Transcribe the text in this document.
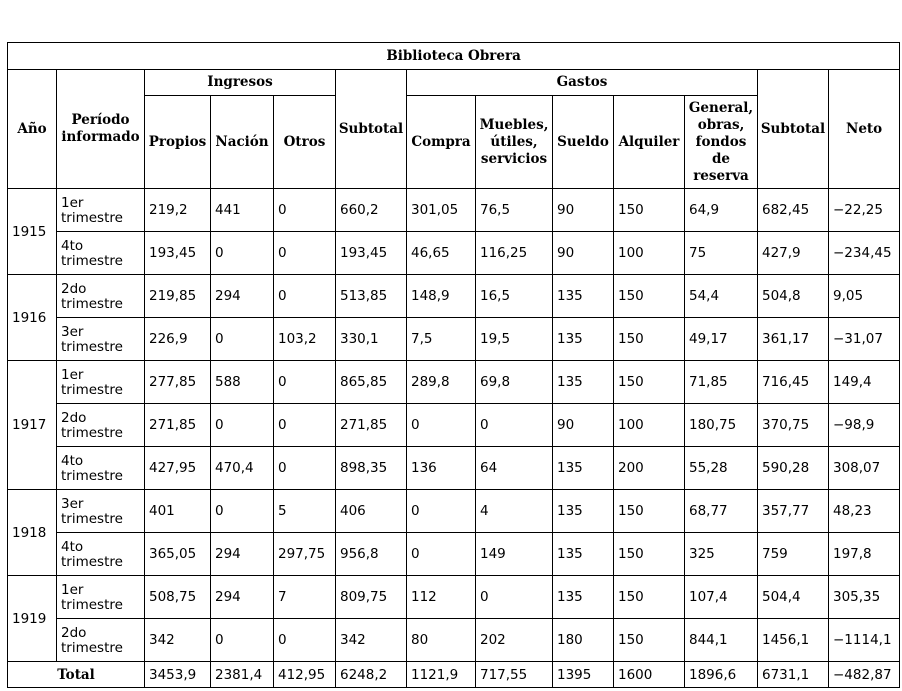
Biblioteca Obrera												
Año	Período informado	Ingresos			Subtotal	Gastos					Subtotal	Neto
		Propios	Nación	Otros		Compra	Muebles, útiles, servicios	Sueldo	Alquiler	General, obras, fondos de reserva		
1915	1er trimestre	219,2	441	0	660,2	301,05	76,5	90	150	64,9	682,45	−22,25
	4to trimestre	193,45	0	0	193,45	46,65	116,25	90	100	75	427,9	−234,45
1916	2do trimestre	219,85	294	0	513,85	148,9	16,5	135	150	54,4	504,8	9,05
	3er trimestre	226,9	0	103,2	330,1	7,5	19,5	135	150	49,17	361,17	−31,07
1917	1er trimestre	277,85	588	0	865,85	289,8	69,8	135	150	71,85	716,45	149,4
	2do trimestre	271,85	0	0	271,85	0	0	90	100	180,75	370,75	−98,9
	4to trimestre	427,95	470,4	0	898,35	136	64	135	200	55,28	590,28	308,07
1918	3er trimestre	401	0	5	406	0	4	135	150	68,77	357,77	48,23
	4to trimestre	365,05	294	297,75	956,8	0	149	135	150	325	759	197,8
1919	1er trimestre	508,75	294	7	809,75	112	0	135	150	107,4	504,4	305,35
	2do trimestre	342	0	0	342	80	202	180	150	844,1	1456,1	−1114,1
Total		3453,9	2381,4	412,95	6248,2	1121,9	717,55	1395	1600	1896,6	6731,1	−482,87
